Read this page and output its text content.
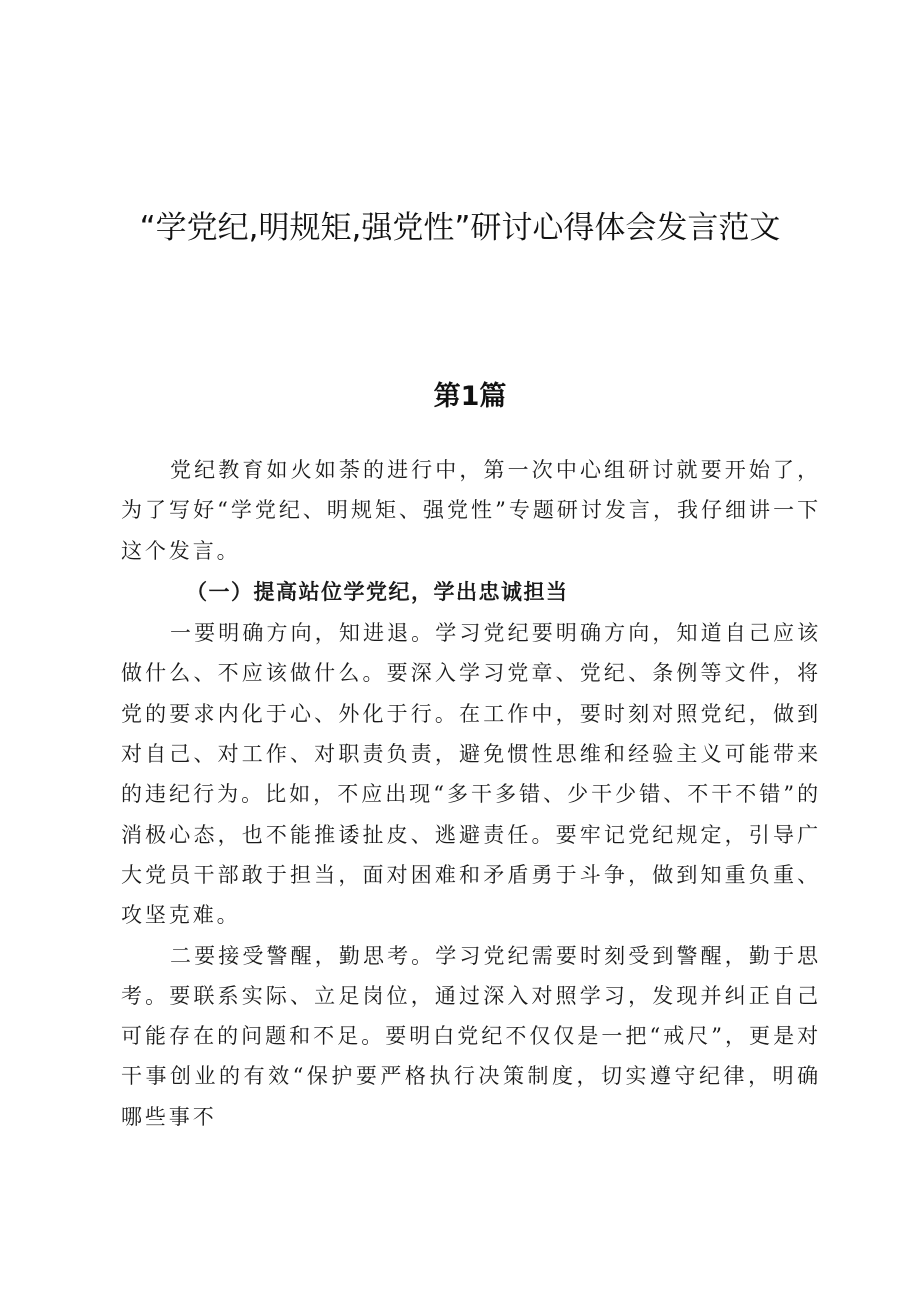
“学党纪,明规矩,强党性”研讨心得体会发言范文
第1篇

党纪教育如火如荼的进行中，第一次中心组研讨就要开始了，为了写好“学党纪、明规矩、强党性”专题研讨发言，我仔细讲一下这个发言。

（一）提高站位学党纪，学出忠诚担当

一要明确方向，知进退。学习党纪要明确方向，知道自己应该做什么、不应该做什么。要深入学习党章、党纪、条例等文件，将党的要求内化于心、外化于行。在工作中，要时刻对照党纪，做到对自己、对工作、对职责负责，避免惯性思维和经验主义可能带来的违纪行为。比如，不应出现“多干多错、少干少错、不干不错”的消极心态，也不能推诿扯皮、逃避责任。要牢记党纪规定，引导广大党员干部敢于担当，面对困难和矛盾勇于斗争，做到知重负重、攻坚克难。

二要接受警醒，勤思考。学习党纪需要时刻受到警醒，勤于思考。要联系实际、立足岗位，通过深入对照学习，发现并纠正自己可能存在的问题和不足。要明白党纪不仅仅是一把“戒尺”，更是对干事创业的有效“保护要严格执行决策制度，切实遵守纪律，明确哪些事不
